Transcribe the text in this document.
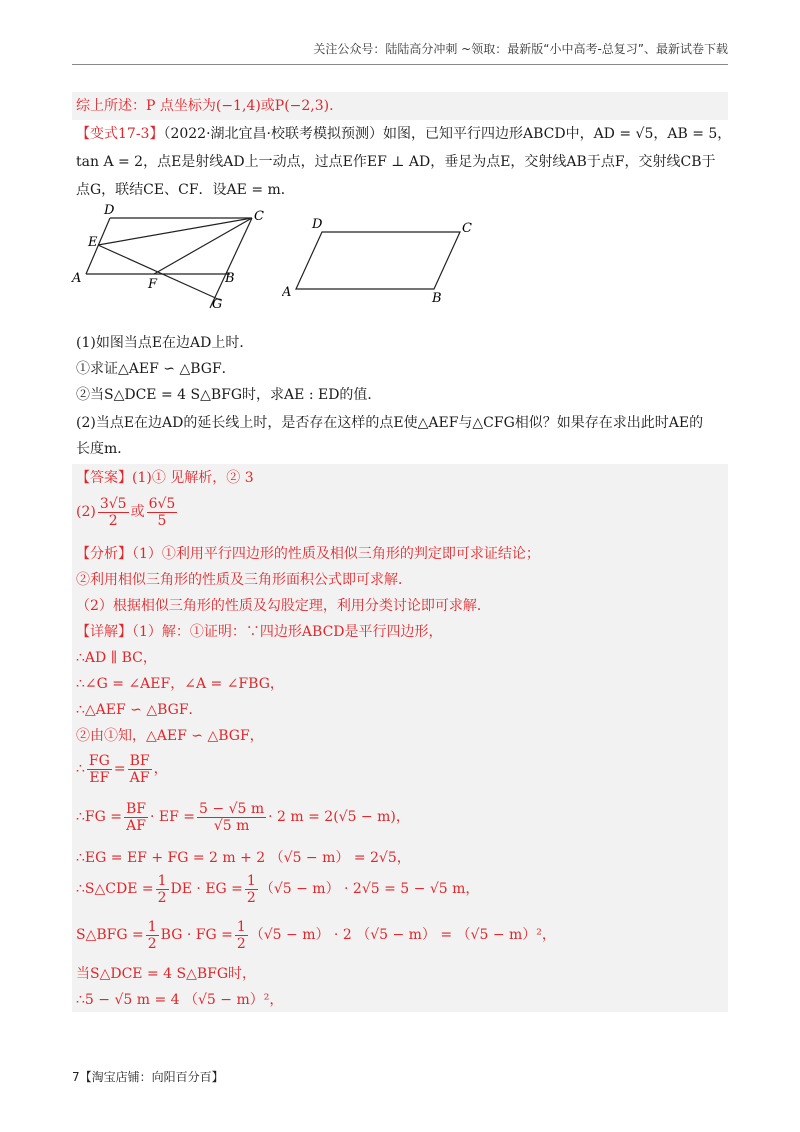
关注公众号：陆陆高分冲刺 ~领取：最新版“小中高考-总复习”、最新试卷下载
综上所述：P 点坐标为(−1,4)或P(−2,3).
【变式17-3】（2022·湖北宜昌·校联考模拟预测）如图，已知平行四边形ABCD中，AD = √5，AB = 5，
tan A = 2，点E是射线AD上一动点，过点E作EF ⊥ AD，垂足为点E，交射线AB于点F，交射线CB于
点G，联结CE、CF．设AE = m．
D	C
E
A	F	B
G
D	C
A	B
(1)如图当点E在边AD上时．
①求证△AEF ∽ △BGF．
②当S△DCE = 4 S△BFG时，求AE : ED的值．
(2)当点E在边AD的延长线上时，是否存在这样的点E使△AEF与△CFG相似？如果存在求出此时AE的
长度m．
【答案】(1)① 见解析，② 3
$(2) \frac{3√5}{2}$ 或 $\frac{6√5}{5}$
【分析】（1）①利用平行四边形的性质及相似三角形的判定即可求证结论；
②利用相似三角形的性质及三角形面积公式即可求解．
（2）根据相似三角形的性质及勾股定理，利用分类讨论即可求解．
【详解】（1）解：①证明：∵四边形ABCD是平行四边形，
∴AD ∥ BC，
∴∠G = ∠AEF，∠A = ∠FBG，
∴△AEF ∽ △BGF．
②由①知，△AEF ∽ △BGF，
∴ $\frac{FG}{EF} = \frac{BF}{AF}$ ，
∴FG = $\frac{BF}{AF}$ · EF = $\frac{5 - √5 m}{√5 m} \cdot 2$ m = 2(√5 − m)，
∴EG = EF + FG = 2 m + 2 （√5 − m） = 2√5，
∴S△CDE = $\frac{1}{2}$ DE · EG = $\frac{1}{2} (√5 - m) \cdot 2√5 = 5 - √5$ m，
S△BFG = $\frac{1}{2}$ BG · FG = $\frac{1}{2} (√5 - m) \cdot 2$ （√5 − m） = （√5 − m）²，
当S△DCE = 4 S△BFG时，
∴5 − √5 m = 4 （√5 − m）²，
7【淘宝店铺：向阳百分百】
